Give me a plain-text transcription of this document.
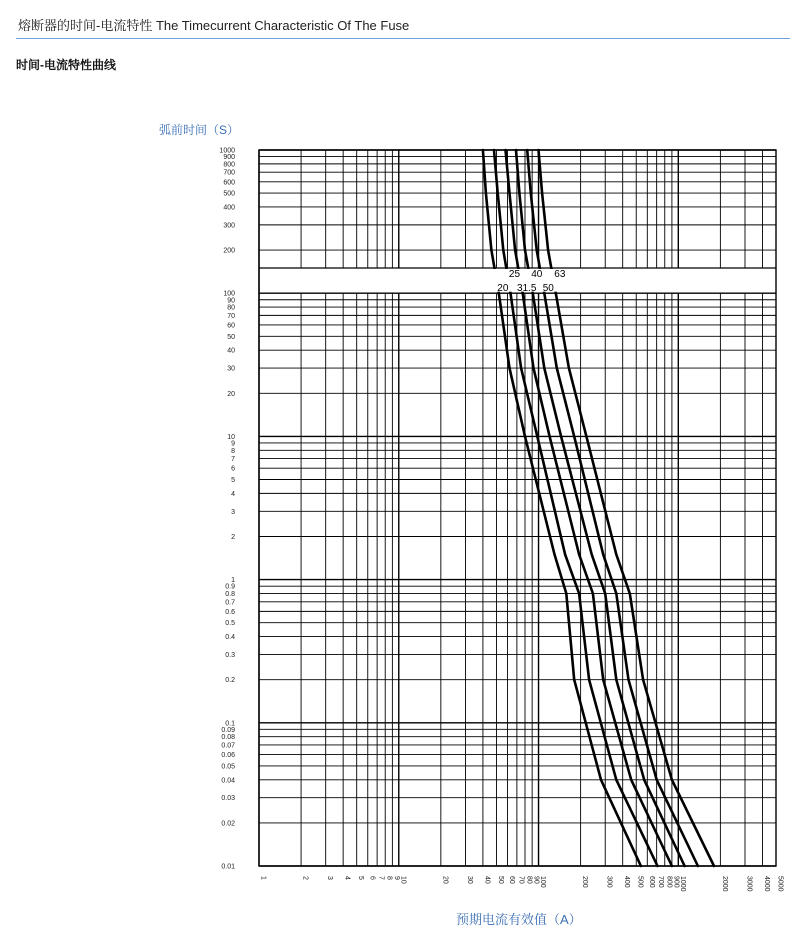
熔断器的时间-电流特性 The Timecurrent Characteristic Of The Fuse
时间-电流特性曲线
弧前时间（S）
预期电流有效值（A）
1000
900
800
700
600
500
400
300
200
100
90
80
70
60
50
40
30
20
10
9
8
7
6
5
4
3
2
1
0.9
0.8
0.7
0.6
0.5
0.4
0.3
0.2
0.1
0.09
0.08
0.07
0.06
0.05
0.04
0.03
0.02
0.01
1	2	3 4 5 6 7 8 9 10	20	30 40 50 60 70 80 90 100	200	300 400 500 600 700 800 900 1000	2000	3000 4000 5000
25 40 63
20 31.5 50
